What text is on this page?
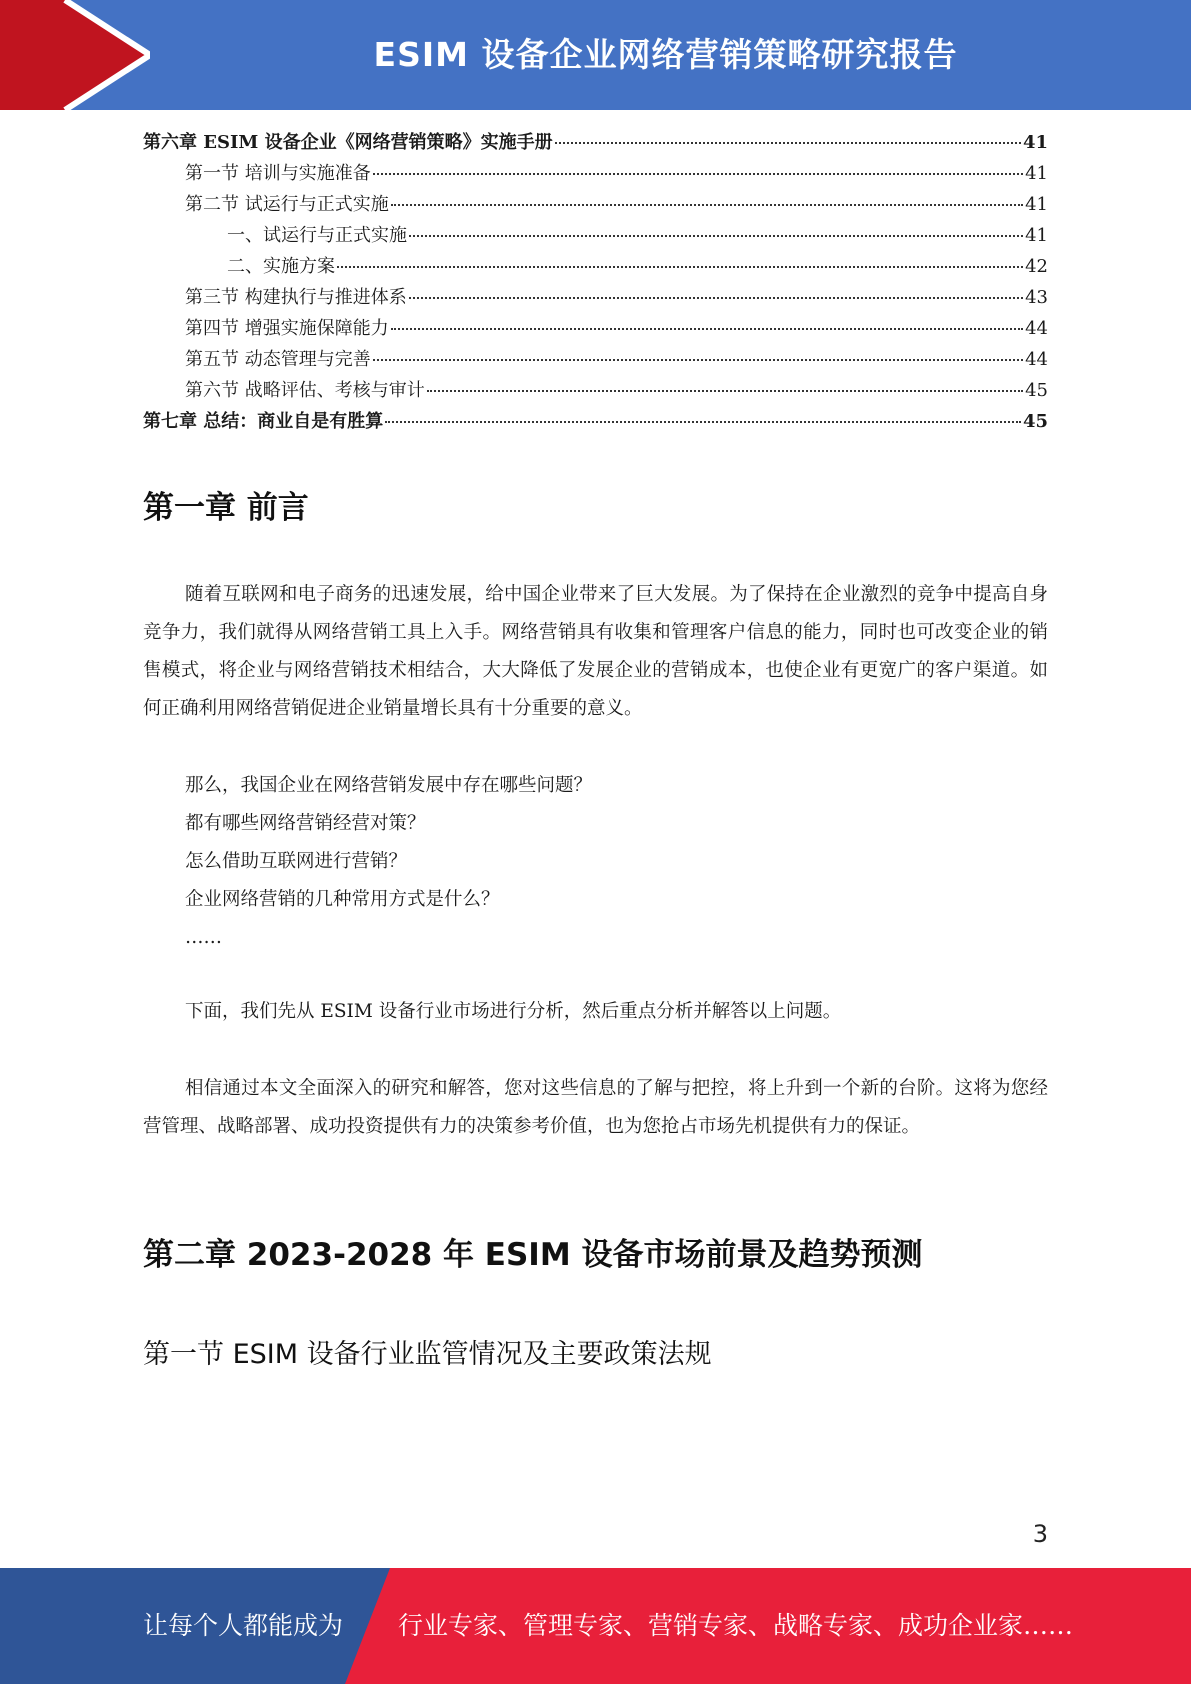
ESIM 设备企业网络营销策略研究报告
第六章 ESIM 设备企业《网络营销策略》实施手册	41
第一节 培训与实施准备	41
第二节 试运行与正式实施	41
一、试运行与正式实施	41
二、实施方案	42
第三节 构建执行与推进体系	43
第四节 增强实施保障能力	44
第五节 动态管理与完善	44
第六节 战略评估、考核与审计	45
第七章 总结：商业自是有胜算	45
第一章 前言

随着互联网和电子商务的迅速发展，给中国企业带来了巨大发展。为了保持在企业激烈的竞争中提高自身竞争力，我们就得从网络营销工具上入手。网络营销具有收集和管理客户信息的能力，同时也可改变企业的销售模式，将企业与网络营销技术相结合，大大降低了发展企业的营销成本，也使企业有更宽广的客户渠道。如何正确利用网络营销促进企业销量增长具有十分重要的意义。

那么，我国企业在网络营销发展中存在哪些问题？
都有哪些网络营销经营对策？
怎么借助互联网进行营销？
企业网络营销的几种常用方式是什么？
……

下面，我们先从 ESIM 设备行业市场进行分析，然后重点分析并解答以上问题。

相信通过本文全面深入的研究和解答，您对这些信息的了解与把控，将上升到一个新的台阶。这将为您经营管理、战略部署、成功投资提供有力的决策参考价值，也为您抢占市场先机提供有力的保证。

第二章 2023-2028 年 ESIM 设备市场前景及趋势预测
第一节 ESIM 设备行业监管情况及主要政策法规
3
让每个人都能成为 行业专家、管理专家、营销专家、战略专家、成功企业家……
